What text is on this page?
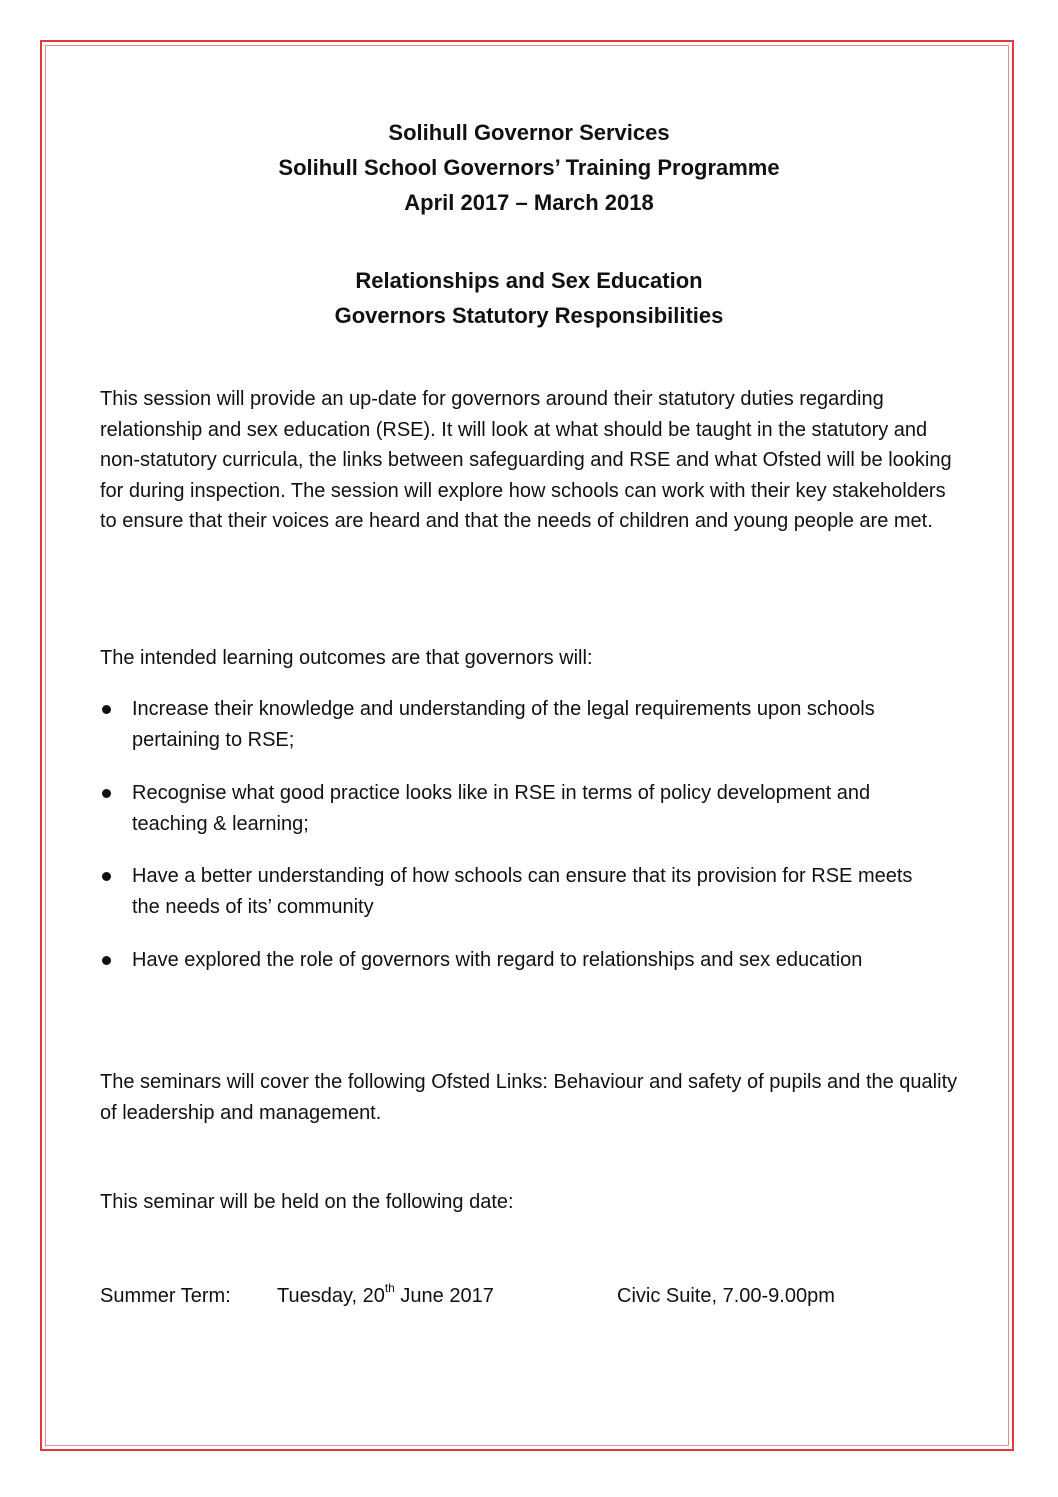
Solihull Governor Services
Solihull School Governors’ Training Programme
April 2017 – March 2018
Relationships and Sex Education
Governors Statutory Responsibilities
This session will provide an up-date for governors around their statutory duties regarding relationship and sex education (RSE). It will look at what should be taught in the statutory and non-statutory curricula, the links between safeguarding and RSE and what Ofsted will be looking for during inspection. The session will explore how schools can work with their key stakeholders to ensure that their voices are heard and that the needs of children and young people are met.
The intended learning outcomes are that governors will:
Increase their knowledge and understanding of the legal requirements upon schools pertaining to RSE;
Recognise what good practice looks like in RSE in terms of policy development and teaching & learning;
Have a better understanding of how schools can ensure that its provision for RSE meets the needs of its’ community
Have explored the role of governors with regard to relationships and sex education
The seminars will cover the following Ofsted Links: Behaviour and safety of pupils and the quality of leadership and management.
This seminar will be held on the following date:
Summer Term: Tuesday, 20th June 2017	Civic Suite, 7.00-9.00pm
